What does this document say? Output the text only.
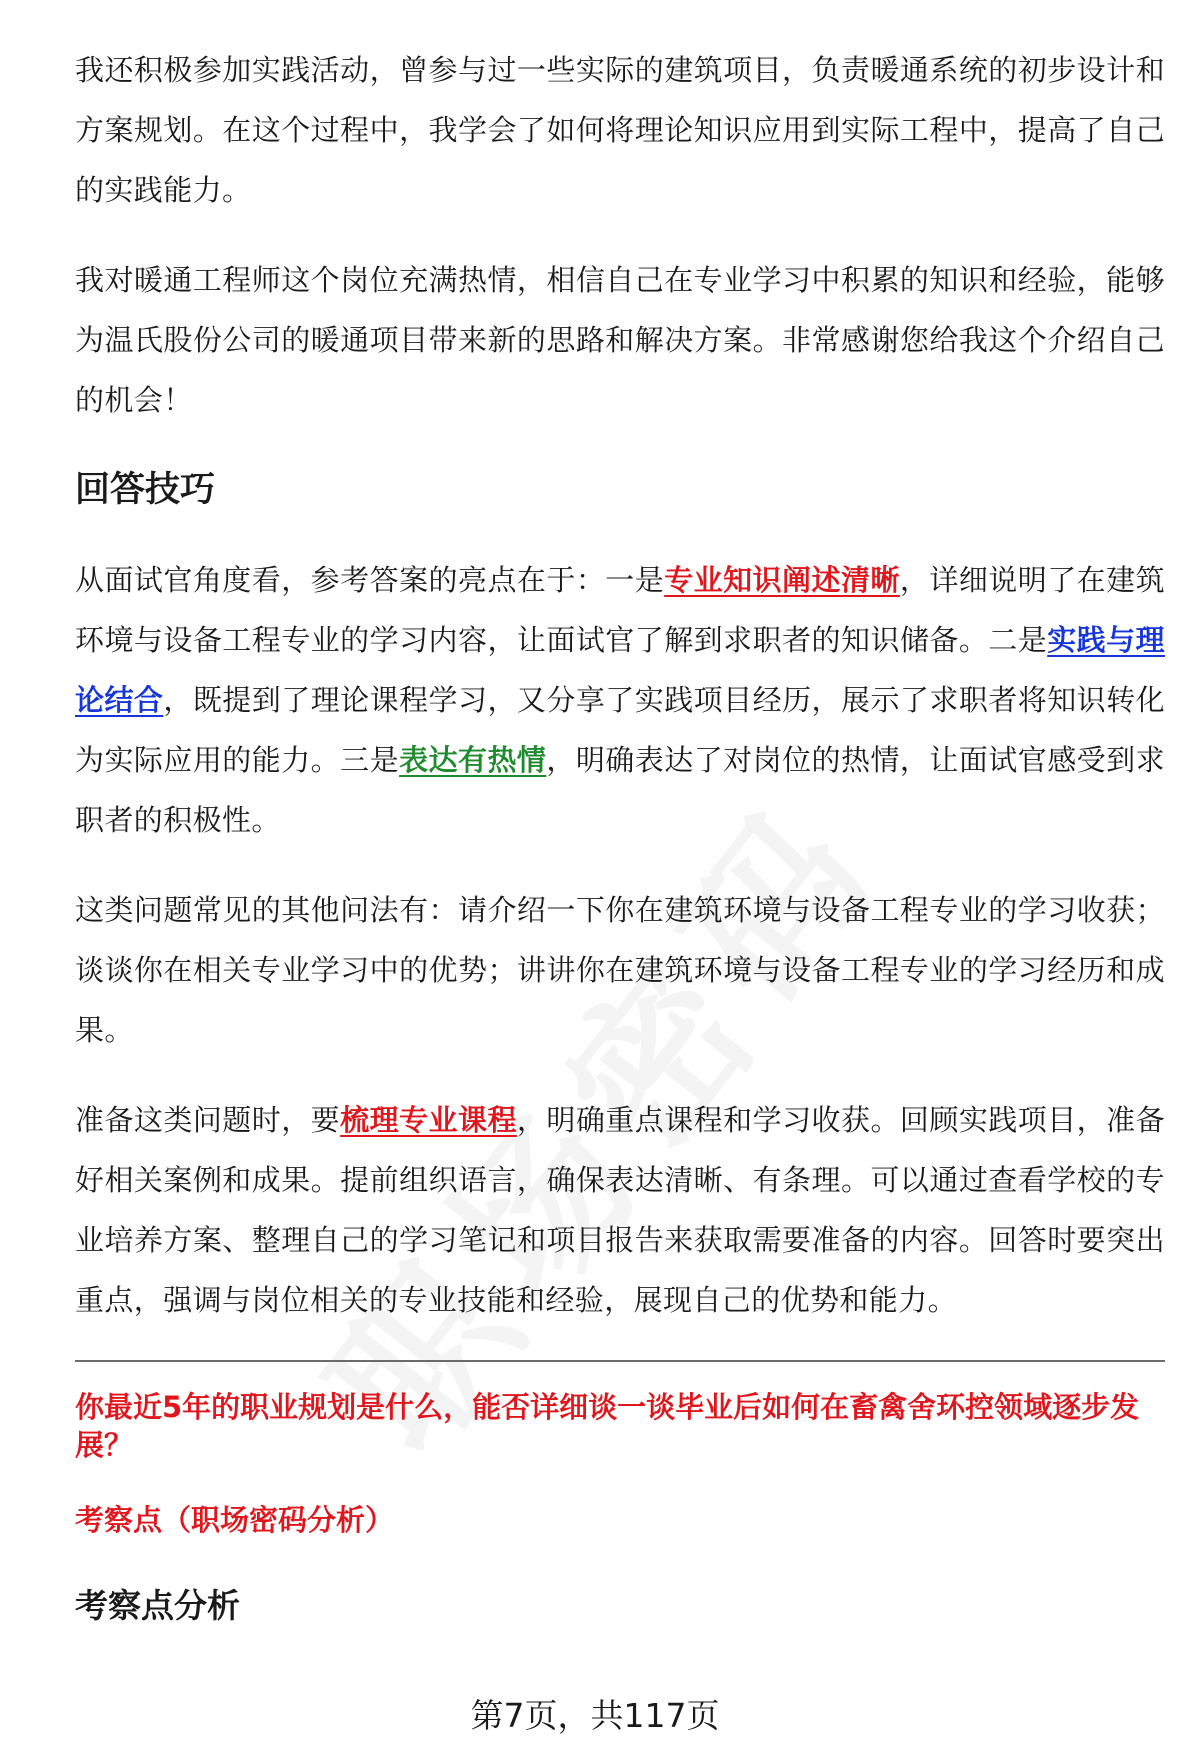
我还积极参加实践活动，曾参与过一些实际的建筑项目，负责暖通系统的初步设计和方案规划。在这个过程中，我学会了如何将理论知识应用到实际工程中，提高了自己的实践能力。

我对暖通工程师这个岗位充满热情，相信自己在专业学习中积累的知识和经验，能够为温氏股份公司的暖通项目带来新的思路和解决方案。非常感谢您给我这个介绍自己的机会！

回答技巧

从面试官角度看，参考答案的亮点在于：一是专业知识阐述清晰，详细说明了在建筑环境与设备工程专业的学习内容，让面试官了解到求职者的知识储备。二是实践与理论结合，既提到了理论课程学习，又分享了实践项目经历，展示了求职者将知识转化为实际应用的能力。三是表达有热情，明确表达了对岗位的热情，让面试官感受到求职者的积极性。

这类问题常见的其他问法有：请介绍一下你在建筑环境与设备工程专业的学习收获；谈谈你在相关专业学习中的优势；讲讲你在建筑环境与设备工程专业的学习经历和成果。

准备这类问题时，要梳理专业课程，明确重点课程和学习收获。回顾实践项目，准备好相关案例和成果。提前组织语言，确保表达清晰、有条理。可以通过查看学校的专业培养方案、整理自己的学习笔记和项目报告来获取需要准备的内容。回答时要突出重点，强调与岗位相关的专业技能和经验，展现自己的优势和能力。

你最近5年的职业规划是什么，能否详细谈一谈毕业后如何在畜禽舍环控领域逐步发展？

考察点（职场密码分析）

考察点分析

第7页，共117页
